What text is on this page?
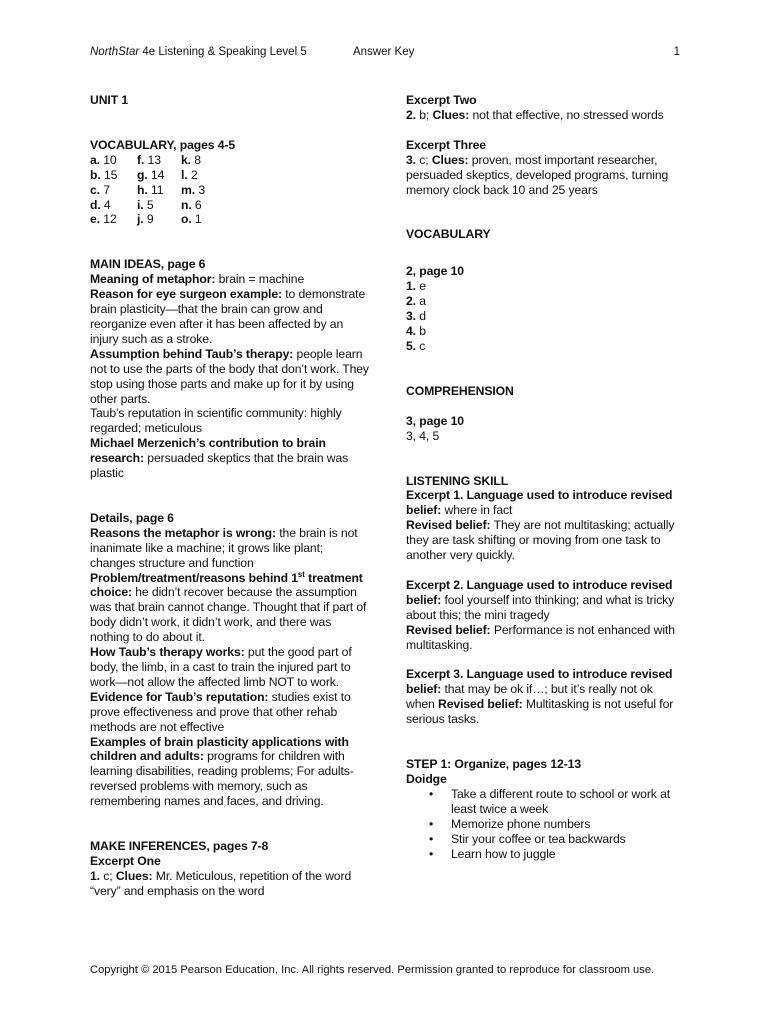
NorthStar 4e Listening & Speaking Level 5	Answer Key	1

UNIT 1

VOCABULARY, pages 4-5

a. 10	f. 13	k. 8
b. 15	g. 14	l. 2
c. 7	h. 11	m. 3
d. 4	i. 5	n. 6
e. 12	j. 9	o. 1

MAIN IDEAS, page 6

Meaning of metaphor: brain = machine

Reason for eye surgeon example: to demonstrate brain plasticity—that the brain can grow and reorganize even after it has been affected by an injury such as a stroke.

Assumption behind Taub’s therapy: people learn not to use the parts of the body that don’t work. They stop using those parts and make up for it by using other parts.

Taub’s reputation in scientific community: highly regarded; meticulous

Michael Merzenich’s contribution to brain research: persuaded skeptics that the brain was plastic

Details, page 6

Reasons the metaphor is wrong: the brain is not inanimate like a machine; it grows like plant; changes structure and function

Problem/treatment/reasons behind 1st treatment choice: he didn’t recover because the assumption was that brain cannot change. Thought that if part of body didn’t work, it didn’t work, and there was nothing to do about it.

How Taub’s therapy works: put the good part of body, the limb, in a cast to train the injured part to work—not allow the affected limb NOT to work.

Evidence for Taub’s reputation: studies exist to prove effectiveness and prove that other rehab methods are not effective

Examples of brain plasticity applications with children and adults: programs for children with learning disabilities, reading problems; For adults-reversed problems with memory, such as remembering names and faces, and driving.

MAKE INFERENCES, pages 7-8

Excerpt One

1. c; Clues: Mr. Meticulous, repetition of the word “very” and emphasis on the word

Excerpt Two

2. b; Clues: not that effective, no stressed words

Excerpt Three

3. c; Clues: proven, most important researcher, persuaded skeptics, developed programs, turning memory clock back 10 and 25 years

VOCABULARY

2, page 10

1. e

2. a

3. d

4. b

5. c

COMPREHENSION

3, page 10

3, 4, 5

LISTENING SKILL

Excerpt 1. Language used to introduce revised belief: where in fact

Revised belief: They are not multitasking; actually they are task shifting or moving from one task to another very quickly.

Excerpt 2. Language used to introduce revised belief: fool yourself into thinking; and what is tricky about this; the mini tragedy

Revised belief: Performance is not enhanced with multitasking.

Excerpt 3. Language used to introduce revised belief: that may be ok if…; but it’s really not ok when Revised belief: Multitasking is not useful for serious tasks.

STEP 1: Organize, pages 12-13

Doidge

• Take a different route to school or work at least twice a week
• Memorize phone numbers
• Stir your coffee or tea backwards
• Learn how to juggle
Copyright © 2015 Pearson Education, Inc. All rights reserved. Permission granted to reproduce for classroom use.
